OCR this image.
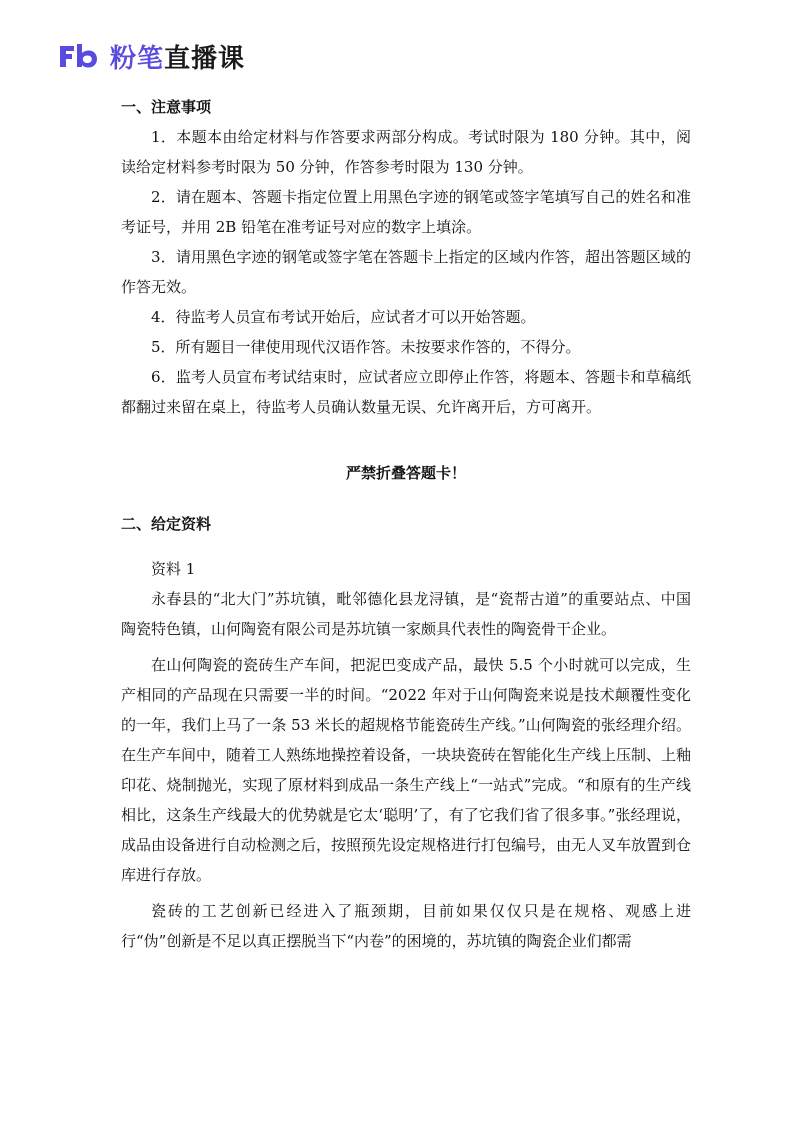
粉笔直播课
一、注意事项

1．本题本由给定材料与作答要求两部分构成。考试时限为 180 分钟。其中，阅读给定材料参考时限为 50 分钟，作答参考时限为 130 分钟。

2．请在题本、答题卡指定位置上用黑色字迹的钢笔或签字笔填写自己的姓名和准考证号，并用 2B 铅笔在准考证号对应的数字上填涂。

3．请用黑色字迹的钢笔或签字笔在答题卡上指定的区域内作答，超出答题区域的作答无效。

4．待监考人员宣布考试开始后，应试者才可以开始答题。

5．所有题目一律使用现代汉语作答。未按要求作答的，不得分。

6．监考人员宣布考试结束时，应试者应立即停止作答，将题本、答题卡和草稿纸都翻过来留在桌上，待监考人员确认数量无误、允许离开后，方可离开。

严禁折叠答题卡！
二、给定资料

资料 1

永春县的“北大门”苏坑镇，毗邻德化县龙浔镇，是“瓷帮古道”的重要站点、中国陶瓷特色镇，山何陶瓷有限公司是苏坑镇一家颇具代表性的陶瓷骨干企业。

在山何陶瓷的瓷砖生产车间，把泥巴变成产品，最快 5.5 个小时就可以完成，生产相同的产品现在只需要一半的时间。“2022 年对于山何陶瓷来说是技术颠覆性变化的一年，我们上马了一条 53 米长的超规格节能瓷砖生产线。”山何陶瓷的张经理介绍。在生产车间中，随着工人熟练地操控着设备，一块块瓷砖在智能化生产线上压制、上釉印花、烧制抛光，实现了原材料到成品一条生产线上“一站式”完成。“和原有的生产线相比，这条生产线最大的优势就是它太‘聪明’了，有了它我们省了很多事。”张经理说，成品由设备进行自动检测之后，按照预先设定规格进行打包编号，由无人叉车放置到仓库进行存放。

瓷砖的工艺创新已经进入了瓶颈期，目前如果仅仅只是在规格、观感上进行“伪”创新是不足以真正摆脱当下“内卷”的困境的，苏坑镇的陶瓷企业们都需
